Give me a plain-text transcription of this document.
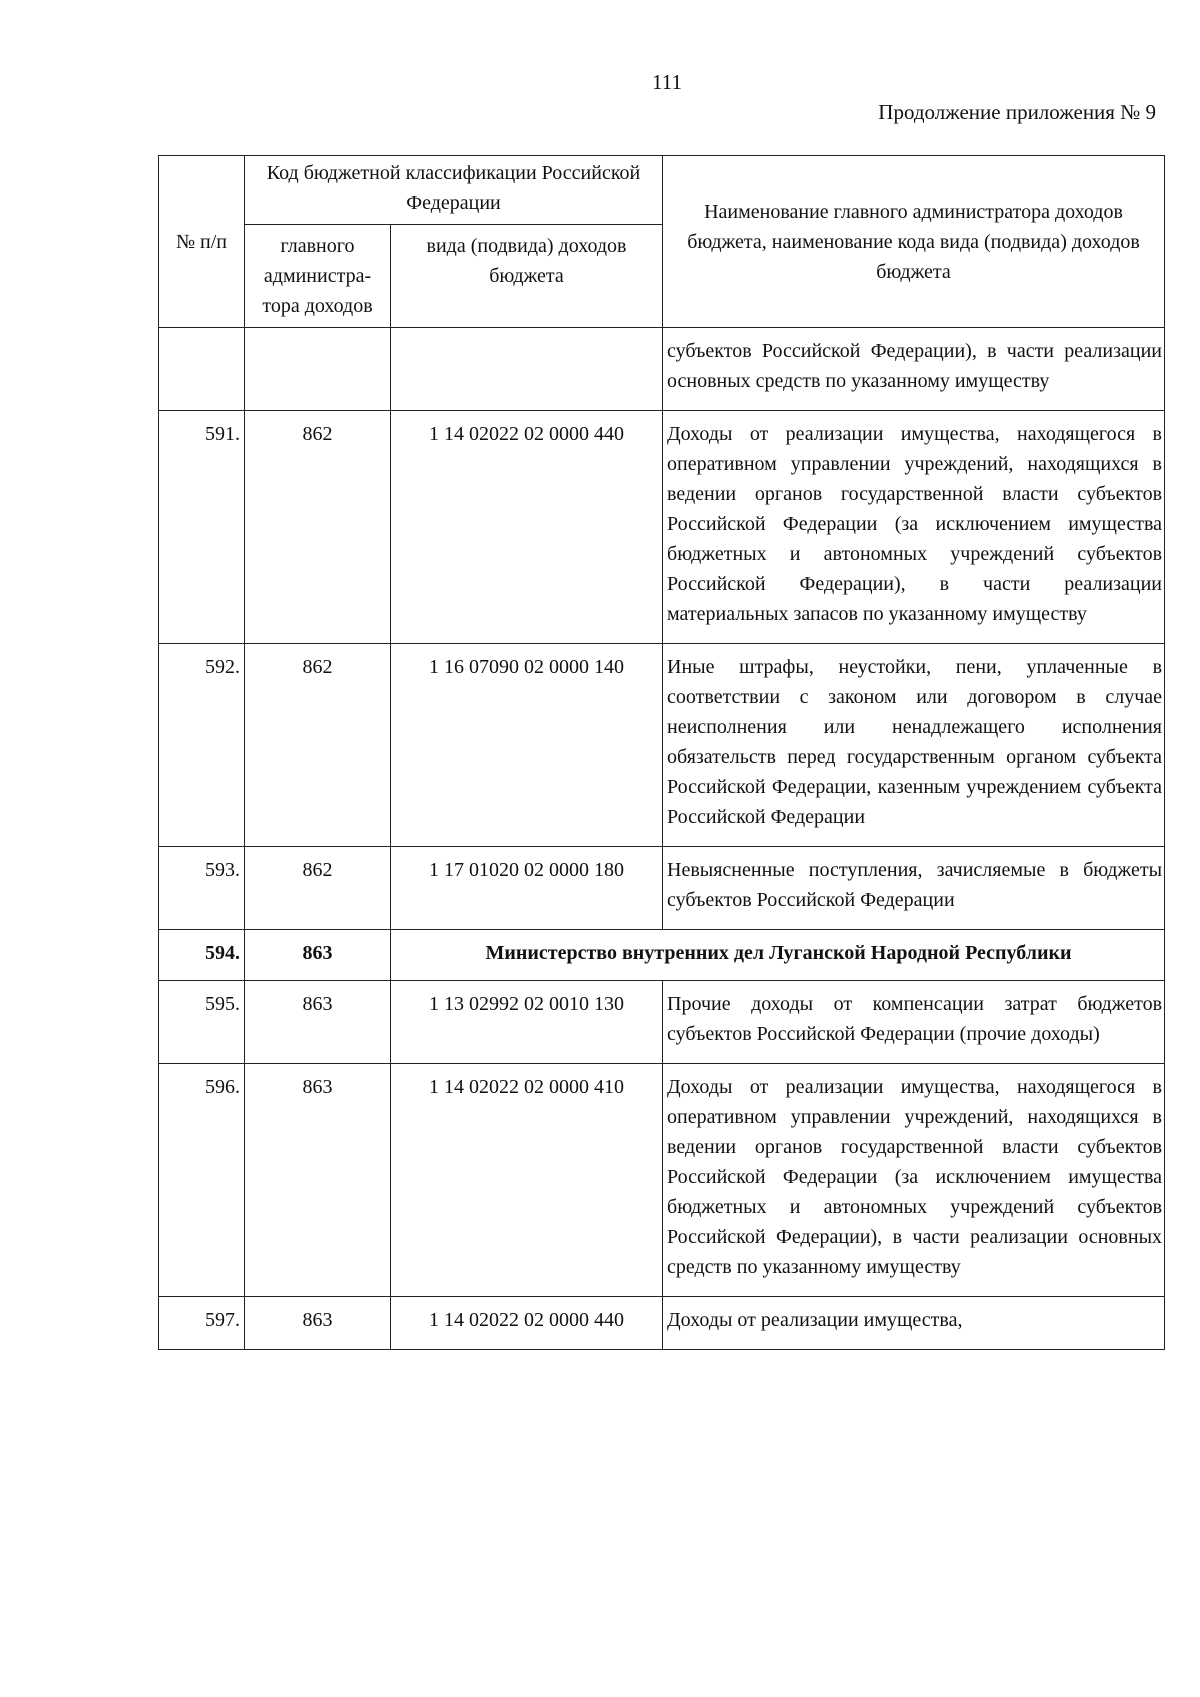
111
Продолжение приложения № 9
№ п/п	Код бюджетной классификации Российской Федерации		Наименование главного администратора доходов бюджета, наименование кода вида (подвида) доходов бюджета
	главного администра-тора доходов	вида (подвида) доходов бюджета	
			субъектов Российской Федерации), в части реализации основных средств по указанному имуществу
591.	862	1 14 02022 02 0000 440	Доходы от реализации имущества, находящегося в оперативном управлении учреждений, находящихся в ведении органов государственной власти субъектов Российской Федерации (за исключением имущества бюджетных и автономных учреждений субъектов Российской Федерации), в части реализации материальных запасов по указанному имуществу
592.	862	1 16 07090 02 0000 140	Иные штрафы, неустойки, пени, уплаченные в соответствии с законом или договором в случае неисполнения или ненадлежащего исполнения обязательств перед государственным органом субъекта Российской Федерации, казенным учреждением субъекта Российской Федерации
593.	862	1 17 01020 02 0000 180	Невыясненные поступления, зачисляемые в бюджеты субъектов Российской Федерации
594.	863	Министерство внутренних дел Луганской Народной Республики	
595.	863	1 13 02992 02 0010 130	Прочие доходы от компенсации затрат бюджетов субъектов Российской Федерации (прочие доходы)
596.	863	1 14 02022 02 0000 410	Доходы от реализации имущества, находящегося в оперативном управлении учреждений, находящихся в ведении органов государственной власти субъектов Российской Федерации (за исключением имущества бюджетных и автономных учреждений субъектов Российской Федерации), в части реализации основных средств по указанному имуществу
597.	863	1 14 02022 02 0000 440	Доходы от реализации имущества,
